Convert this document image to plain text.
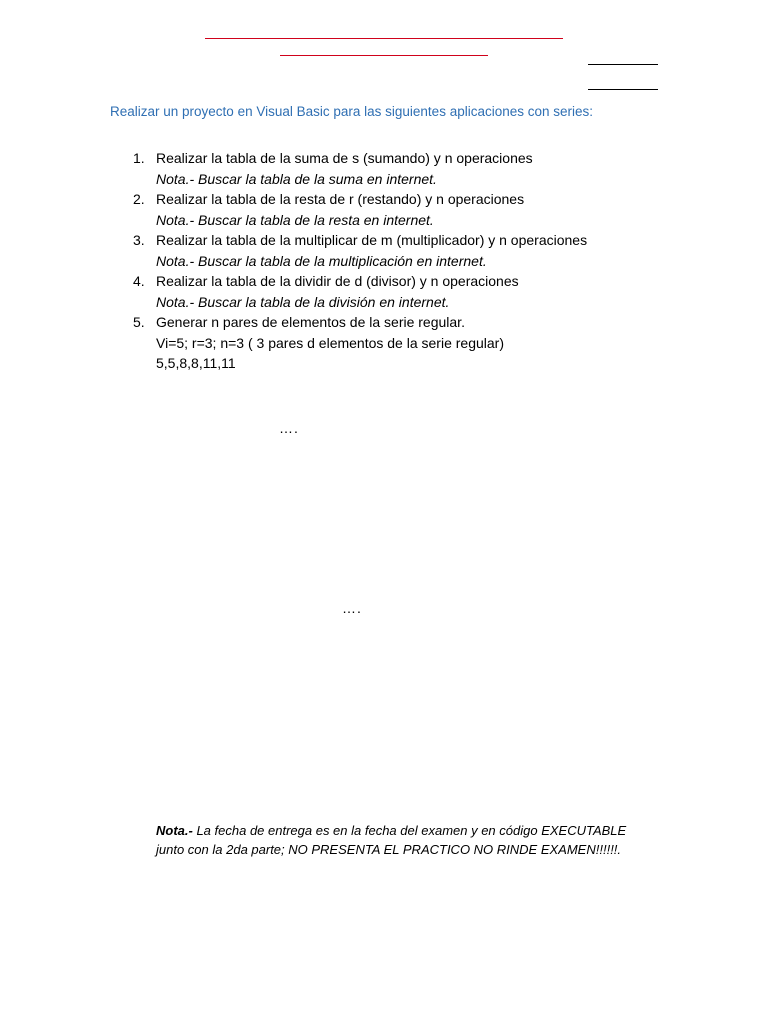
Realizar un proyecto en Visual Basic para las siguientes aplicaciones con series:
1. Realizar la tabla de la suma de s (sumando) y n operaciones
Nota.- Buscar la tabla de la suma en internet.
2. Realizar la tabla de la resta de r (restando) y n operaciones
Nota.- Buscar la tabla de la resta en internet.
3. Realizar la tabla de la multiplicar de m (multiplicador) y n operaciones
Nota.- Buscar la tabla de la multiplicación en internet.
4. Realizar la tabla de la dividir de d (divisor) y n operaciones
Nota.- Buscar la tabla de la división en internet.
5. Generar n pares de elementos de la serie regular.
Vi=5; r=3; n=3 ( 3 pares d elementos de la serie regular)
5,5,8,8,11,11
….
….
Nota.- La fecha de entrega es en la fecha del examen y en código EXECUTABLE junto con la 2da parte; NO PRESENTA EL PRACTICO NO RINDE EXAMEN!!!!!!.
